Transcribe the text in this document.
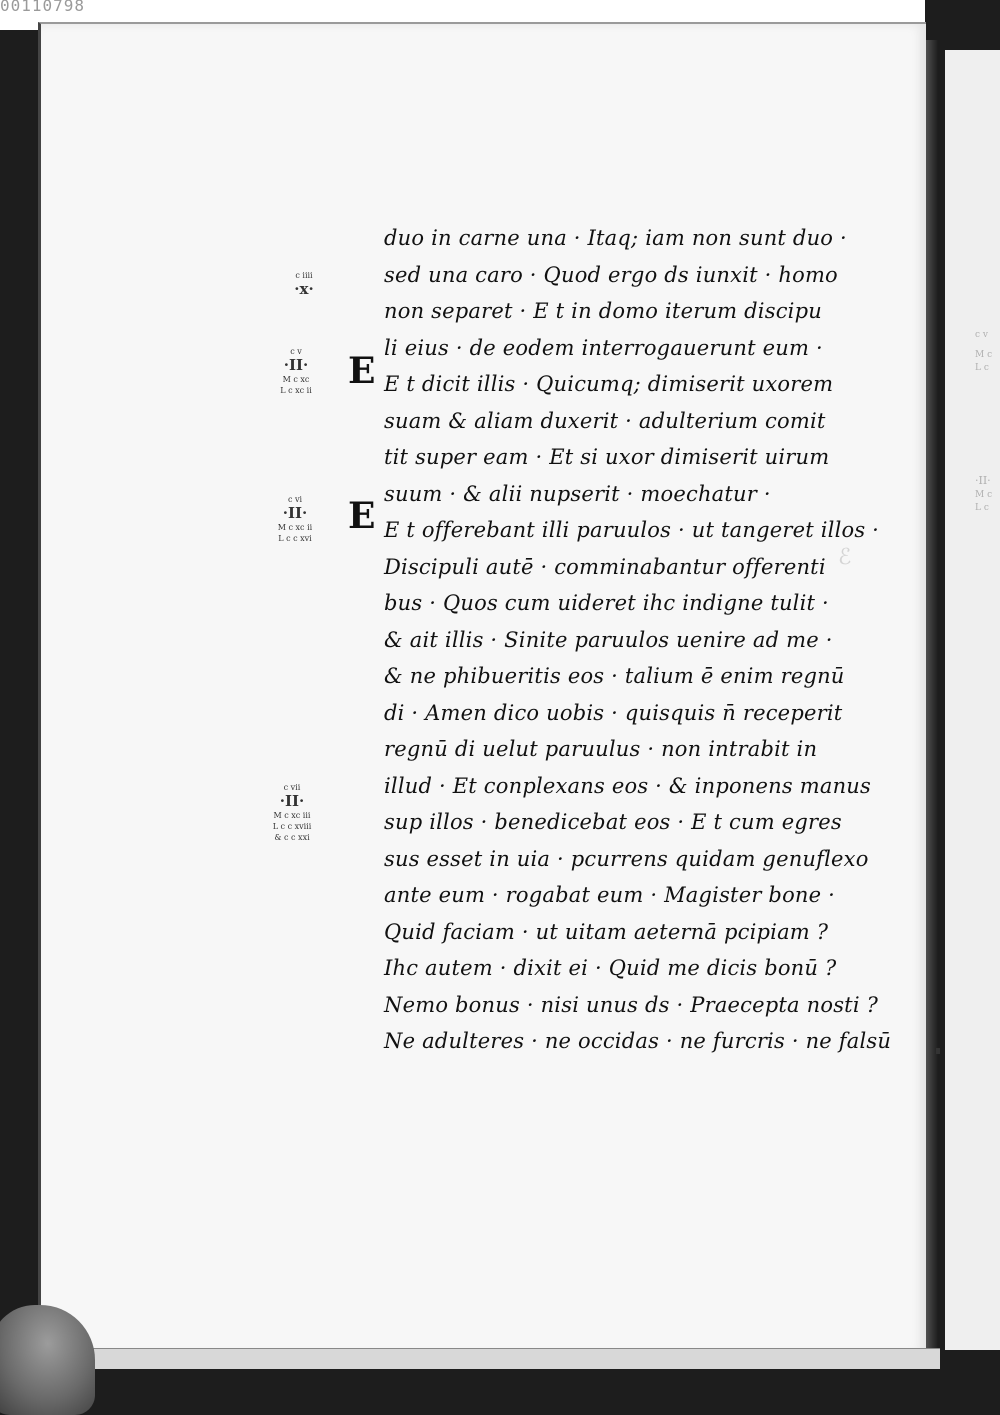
00110798
c v
M c
L c
·II·
M c
L c
ℰ
c iiii
·x·
c v
·II·
M c xc
L c xc ii
c vi
·II·
M c xc ii
L c c xvi
c vii
·II·
M c xc iii
L c c xviii
& c c xxi
E
E
duo in carne una · Itaq; iam non sunt duo ·
sed una caro · Quod ergo ds iunxit · homo
non separet · E t in domo iterum discipu
li eius · de eodem interrogauerunt eum ·
E t dicit illis · Quicumq; dimiserit uxorem
suam & aliam duxerit · adulterium comit
tit super eam · Et si uxor dimiserit uirum
suum · & alii nupserit · moechatur ·
E t offerebant illi paruulos · ut tangeret illos ·
Discipuli autē · comminabantur offerenti
bus · Quos cum uideret ihc indigne tulit ·
& ait illis · Sinite paruulos uenire ad me ·
& ne phibueritis eos · talium ē enim regnū
di · Amen dico uobis · quisquis n̄ receperit
regnū di uelut paruulus · non intrabit in
illud · Et conplexans eos · & inponens manus
sup illos · benedicebat eos · E t cum egres
sus esset in uia · pcurrens quidam genuflexo
ante eum · rogabat eum · Magister bone ·
Quid faciam · ut uitam aeternā pcipiam ?
Ihc autem · dixit ei · Quid me dicis bonū ?
Nemo bonus · nisi unus ds · Praecepta nosti ?
Ne adulteres · ne occidas · ne furcris · ne falsū
